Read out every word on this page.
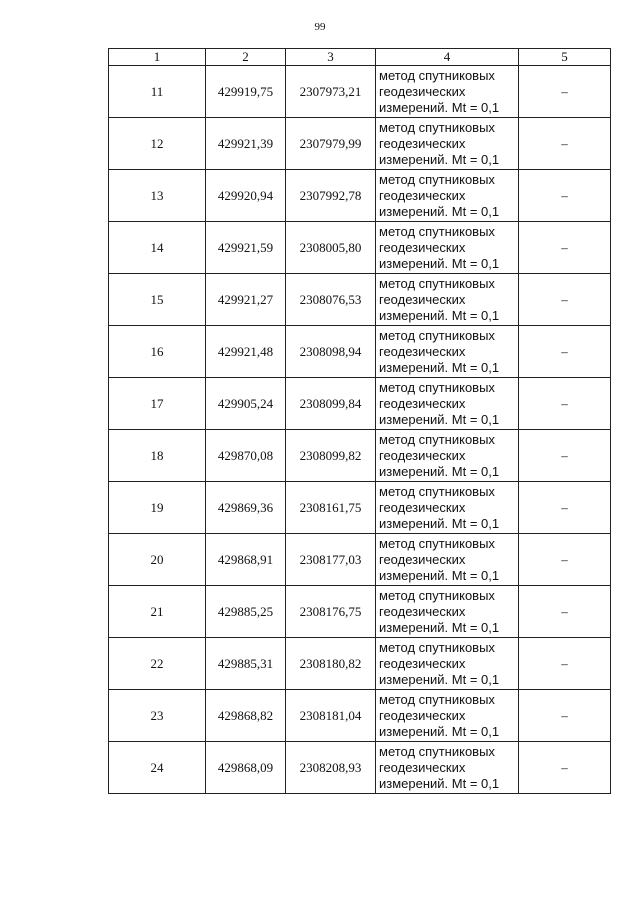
99
1	2	3	4	5
11	429919,75	2307973,21	метод спутниковых
геодезических
измерений. Mt = 0,1	–
12	429921,39	2307979,99	метод спутниковых
геодезических
измерений. Mt = 0,1	–
13	429920,94	2307992,78	метод спутниковых
геодезических
измерений. Mt = 0,1	–
14	429921,59	2308005,80	метод спутниковых
геодезических
измерений. Mt = 0,1	–
15	429921,27	2308076,53	метод спутниковых
геодезических
измерений. Mt = 0,1	–
16	429921,48	2308098,94	метод спутниковых
геодезических
измерений. Mt = 0,1	–
17	429905,24	2308099,84	метод спутниковых
геодезических
измерений. Mt = 0,1	–
18	429870,08	2308099,82	метод спутниковых
геодезических
измерений. Mt = 0,1	–
19	429869,36	2308161,75	метод спутниковых
геодезических
измерений. Mt = 0,1	–
20	429868,91	2308177,03	метод спутниковых
геодезических
измерений. Mt = 0,1	–
21	429885,25	2308176,75	метод спутниковых
геодезических
измерений. Mt = 0,1	–
22	429885,31	2308180,82	метод спутниковых
геодезических
измерений. Mt = 0,1	–
23	429868,82	2308181,04	метод спутниковых
геодезических
измерений. Mt = 0,1	–
24	429868,09	2308208,93	метод спутниковых
геодезических
измерений. Mt = 0,1	–
